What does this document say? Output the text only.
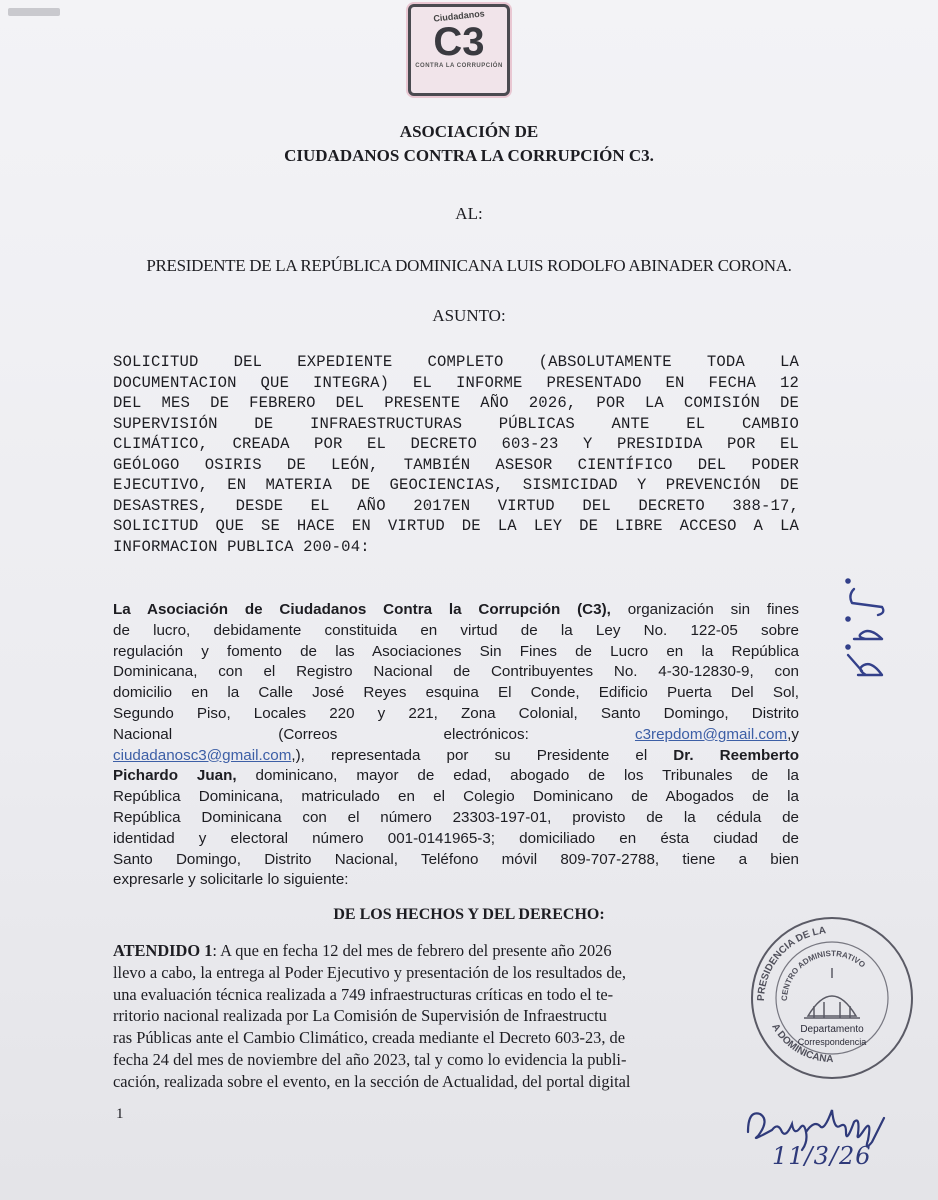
Ciudadanos
C3
CONTRA LA CORRUPCIÓN
ASOCIACIÓN DE
CIUDADANOS CONTRA LA CORRUPCIÓN C3.
AL:
PRESIDENTE DE LA REPÚBLICA DOMINICANA LUIS RODOLFO ABINADER CORONA.
ASUNTO:
SOLICITUD DEL EXPEDIENTE COMPLETO (ABSOLUTAMENTE TODA LA
DOCUMENTACION QUE INTEGRA) EL INFORME PRESENTADO EN FECHA 12
DEL MES DE FEBRERO DEL PRESENTE AÑO 2026, POR LA COMISIÓN DE
SUPERVISIÓN DE INFRAESTRUCTURAS PÚBLICAS ANTE EL CAMBIO
CLIMÁTICO, CREADA POR EL DECRETO 603-23 Y PRESIDIDA POR EL
GEÓLOGO OSIRIS DE LEÓN, TAMBIÉN ASESOR CIENTÍFICO DEL PODER
EJECUTIVO, EN MATERIA DE GEOCIENCIAS, SISMICIDAD Y PREVENCIÓN DE
DESASTRES, DESDE EL AÑO 2017EN VIRTUD DEL DECRETO 388-17,
SOLICITUD QUE SE HACE EN VIRTUD DE LA LEY DE LIBRE ACCESO A LA
INFORMACION PUBLICA 200-04:
La Asociación de Ciudadanos Contra la Corrupción (C3), organización sin fines
de lucro, debidamente constituida en virtud de la Ley No. 122-05 sobre
regulación y fomento de las Asociaciones Sin Fines de Lucro en la República
Dominicana, con el Registro Nacional de Contribuyentes No. 4-30-12830-9, con
domicilio en la Calle José Reyes esquina El Conde, Edificio Puerta Del Sol,
Segundo Piso, Locales 220 y 221, Zona Colonial, Santo Domingo, Distrito
Nacional	(Correos	electrónicos:	c3repdom@gmail.com,y
ciudadanosc3@gmail.com,), representada por su Presidente el Dr. Reemberto
Pichardo Juan, dominicano, mayor de edad, abogado de los Tribunales de la
República Dominicana, matriculado en el Colegio Dominicano de Abogados de la
República Dominicana con el número 23303-197-01, provisto de la cédula de
identidad y electoral número 001-0141965-3; domiciliado en ésta ciudad de
Santo Domingo, Distrito Nacional, Teléfono móvil 809-707-2788, tiene a bien
expresarle y solicitarle lo siguiente:
DE LOS HECHOS Y DEL DERECHO:
ATENDIDO 1: A que en fecha 12 del mes de febrero del presente año 2026
llevo a cabo, la entrega al Poder Ejecutivo y presentación de los resultados de,
una evaluación técnica realizada a 749 infraestructuras críticas en todo el te-
rritorio nacional realizada por La Comisión de Supervisión de Infraestructu
ras Públicas ante el Cambio Climático, creada mediante el Decreto 603-23, de
fecha 24 del mes de noviembre del año 2023, tal y como lo evidencia la publi-
cación, realizada sobre el evento, en la sección de Actualidad, del portal digital
1
PRESIDENCIA DE LA
CENTRO ADMINISTRATIVO
A DOMINICANA
Departamento
Correspondencia
11/3/26
